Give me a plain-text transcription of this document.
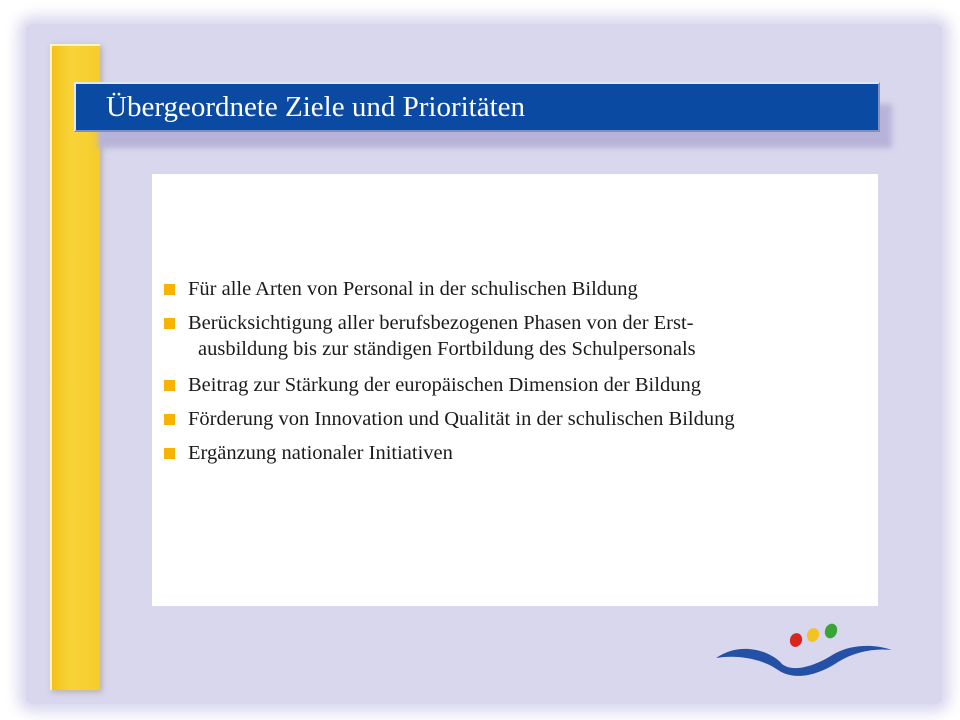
Übergeordnete Ziele und Prioritäten
Für alle Arten von Personal in der schulischen Bildung
Berücksichtigung aller berufsbezogenen Phasen von der Erst-
ausbildung bis zur ständigen Fortbildung des Schulpersonals
Beitrag zur Stärkung der europäischen Dimension der Bildung
Förderung von Innovation und Qualität in der schulischen Bildung
Ergänzung nationaler Initiativen
